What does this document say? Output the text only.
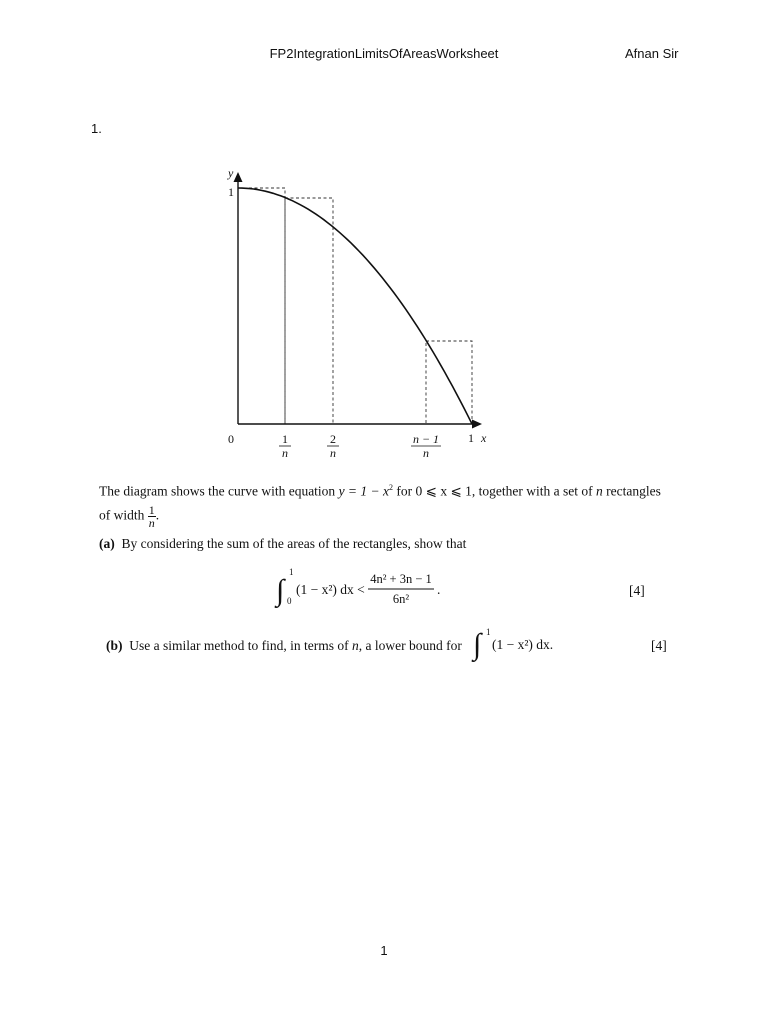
FP2IntegrationLimitsOfAreasWorksheet	Afnan Sir
1.
y
1
0	1 x
1
n
2
n
n − 1
n
The diagram shows the curve with equation $y = 1 - x^2$ for 0 ⩽ x ⩽ 1, together with a set of n rectangles
of width $\frac{1}{n}$ .
(a) By considering the sum of the areas of the rectangles, show that
∫
1
0
(1 − x²) dx <
4n² + 3n − 1
6n²
.
∫ 1
(1 − x²) dx.
[4]
(b) Use a similar method to find, in terms of n, a lower bound for	[4]
1
